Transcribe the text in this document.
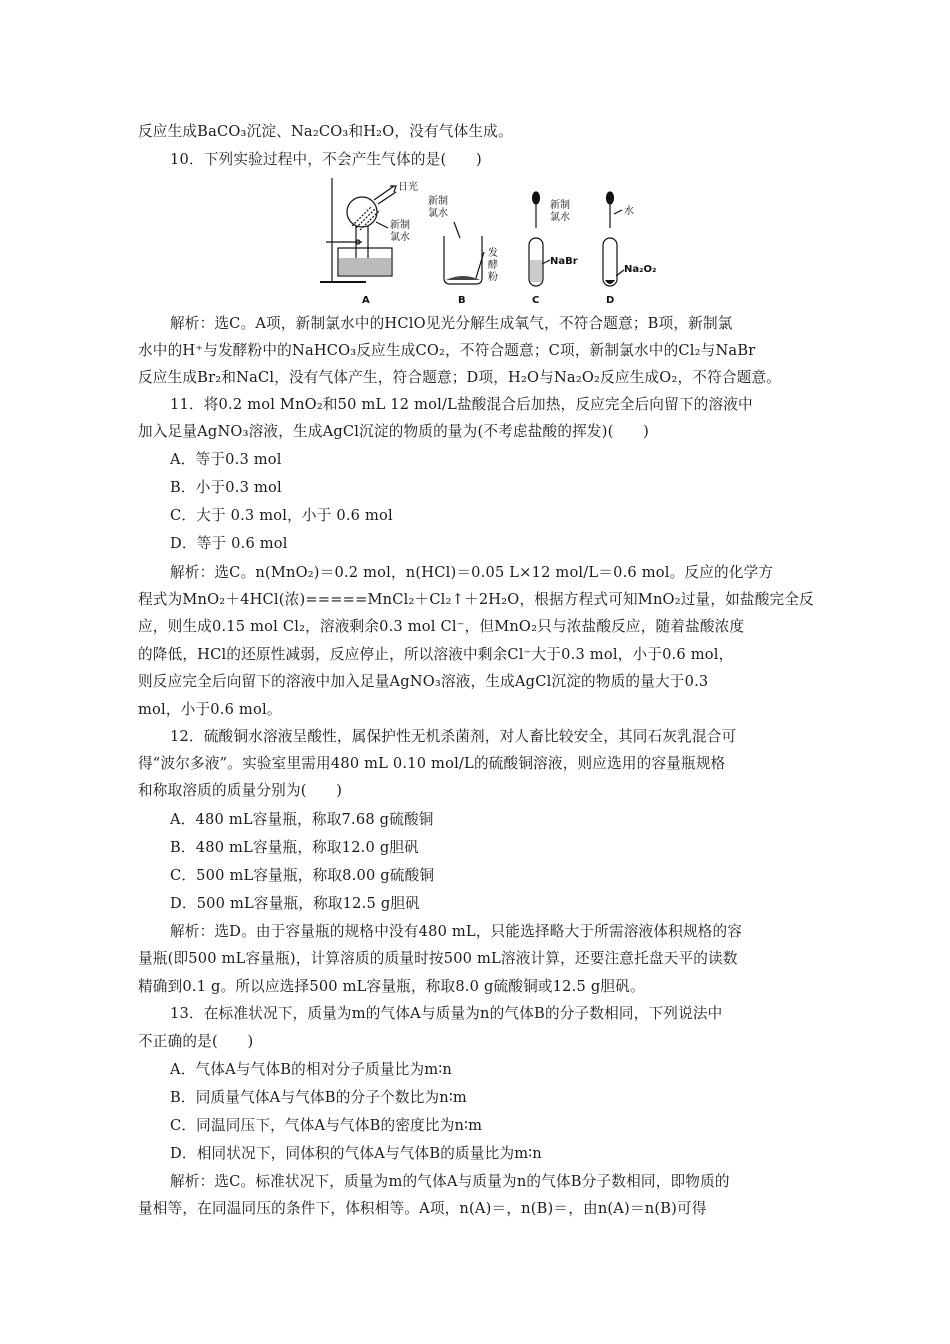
反应生成BaCO₃沉淀、Na₂CO₃和H₂O，没有气体生成。
10．下列实验过程中，不会产生气体的是(　　)
日光
新制
氯水
新制
氯水
发
酵
粉
新制
氯水
NaBr
水
Na₂O₂
A	B	C	D
解析：选C。A项，新制氯水中的HClO见光分解生成氧气，不符合题意；B项，新制氯
水中的H⁺与发酵粉中的NaHCO₃反应生成CO₂，不符合题意；C项，新制氯水中的Cl₂与NaBr
反应生成Br₂和NaCl，没有气体产生，符合题意；D项，H₂O与Na₂O₂反应生成O₂，不符合题意。
11．将0.2 mol MnO₂和50 mL 12 mol/L盐酸混合后加热，反应完全后向留下的溶液中
加入足量AgNO₃溶液，生成AgCl沉淀的物质的量为(不考虑盐酸的挥发)(　　)
A．等于0.3 mol
B．小于0.3 mol
C．大于 0.3 mol，小于 0.6 mol
D．等于 0.6 mol
解析：选C。n(MnO₂)＝0.2 mol，n(HCl)＝0.05 L×12 mol/L＝0.6 mol。反应的化学方
程式为MnO₂＋4HCl(浓)=====MnCl₂＋Cl₂↑＋2H₂O，根据方程式可知MnO₂过量，如盐酸完全反
应，则生成0.15 mol Cl₂，溶液剩余0.3 mol Cl⁻，但MnO₂只与浓盐酸反应，随着盐酸浓度
的降低，HCl的还原性减弱，反应停止，所以溶液中剩余Cl⁻大于0.3 mol，小于0.6 mol，
则反应完全后向留下的溶液中加入足量AgNO₃溶液，生成AgCl沉淀的物质的量大于0.3
mol，小于0.6 mol。
12．硫酸铜水溶液呈酸性，属保护性无机杀菌剂，对人畜比较安全，其同石灰乳混合可
得“波尔多液”。实验室里需用480 mL 0.10 mol/L的硫酸铜溶液，则应选用的容量瓶规格
和称取溶质的质量分别为(　　)
A．480 mL容量瓶，称取7.68 g硫酸铜
B．480 mL容量瓶，称取12.0 g胆矾
C．500 mL容量瓶，称取8.00 g硫酸铜
D．500 mL容量瓶，称取12.5 g胆矾
解析：选D。由于容量瓶的规格中没有480 mL，只能选择略大于所需溶液体积规格的容
量瓶(即500 mL容量瓶)，计算溶质的质量时按500 mL溶液计算，还要注意托盘天平的读数
精确到0.1 g。所以应选择500 mL容量瓶，称取8.0 g硫酸铜或12.5 g胆矾。
13．在标准状况下，质量为m的气体A与质量为n的气体B的分子数相同，下列说法中
不正确的是(　　)
A．气体A与气体B的相对分子质量比为m∶n
B．同质量气体A与气体B的分子个数比为n∶m
C．同温同压下，气体A与气体B的密度比为n∶m
D．相同状况下，同体积的气体A与气体B的质量比为m∶n
解析：选C。标准状况下，质量为m的气体A与质量为n的气体B分子数相同，即物质的
量相等，在同温同压的条件下，体积相等。A项，n(A)＝，n(B)＝，由n(A)＝n(B)可得
